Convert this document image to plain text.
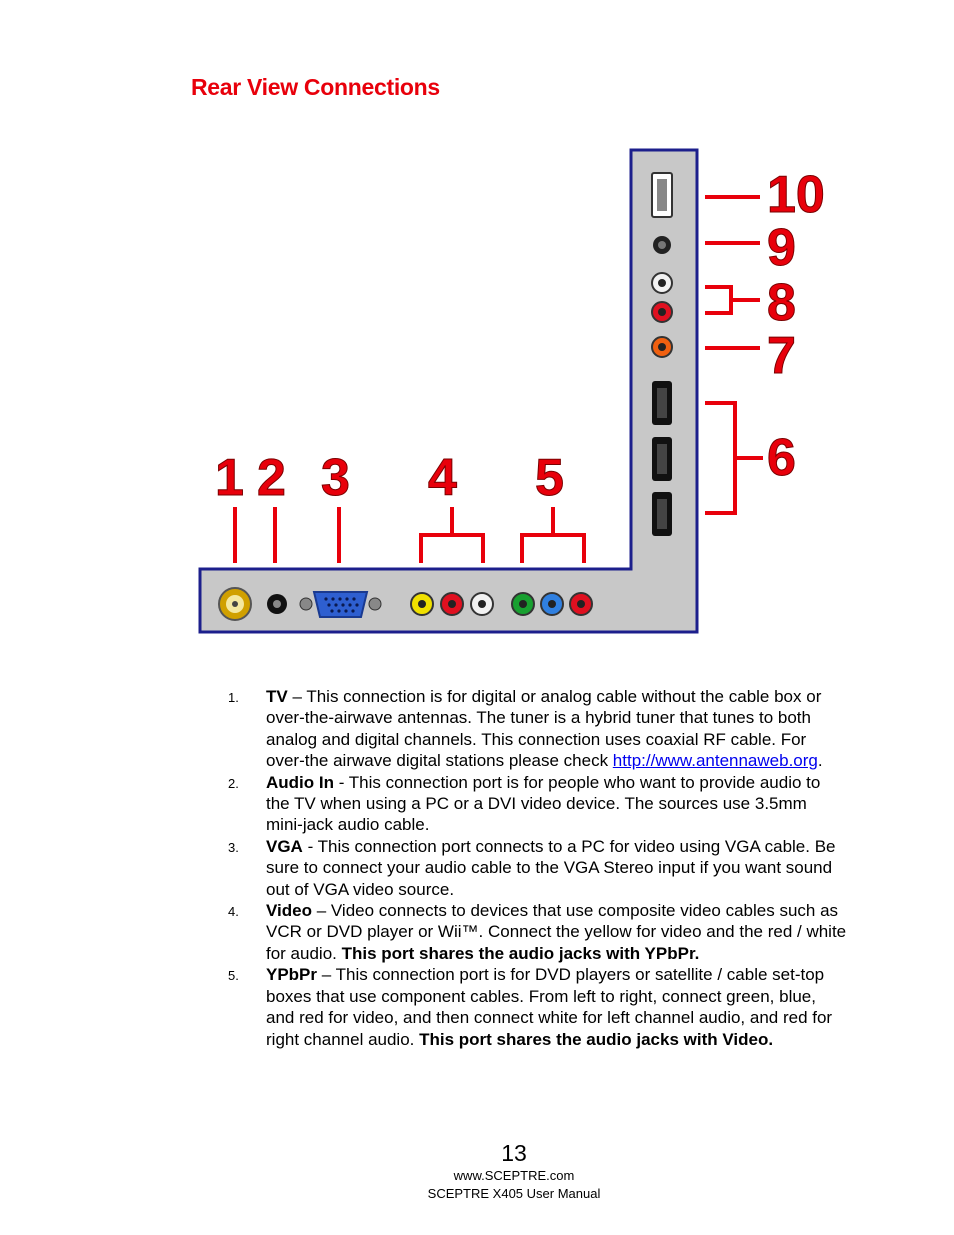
Rear View Connections
1 2 3 4 5	6
7
8
9
10
1. TV – This connection is for digital or analog cable without the cable box or over-the-airwave antennas. The tuner is a hybrid tuner that tunes to both analog and digital channels. This connection uses coaxial RF cable. For over-the airwave digital stations please check http://www.antennaweb.org.
2. Audio In - This connection port is for people who want to provide audio to the TV when using a PC or a DVI video device. The sources use 3.5mm mini-jack audio cable.
3. VGA - This connection port connects to a PC for video using VGA cable. Be sure to connect your audio cable to the VGA Stereo input if you want sound out of VGA video source.
4. Video – Video connects to devices that use composite video cables such as VCR or DVD player or Wii™. Connect the yellow for video and the red / white for audio. This port shares the audio jacks with YPbPr.
5. YPbPr – This connection port is for DVD players or satellite / cable set-top boxes that use component cables. From left to right, connect green, blue, and red for video, and then connect white for left channel audio, and red for right channel audio. This port shares the audio jacks with Video.
13
www.SCEPTRE.com
SCEPTRE X405 User Manual
